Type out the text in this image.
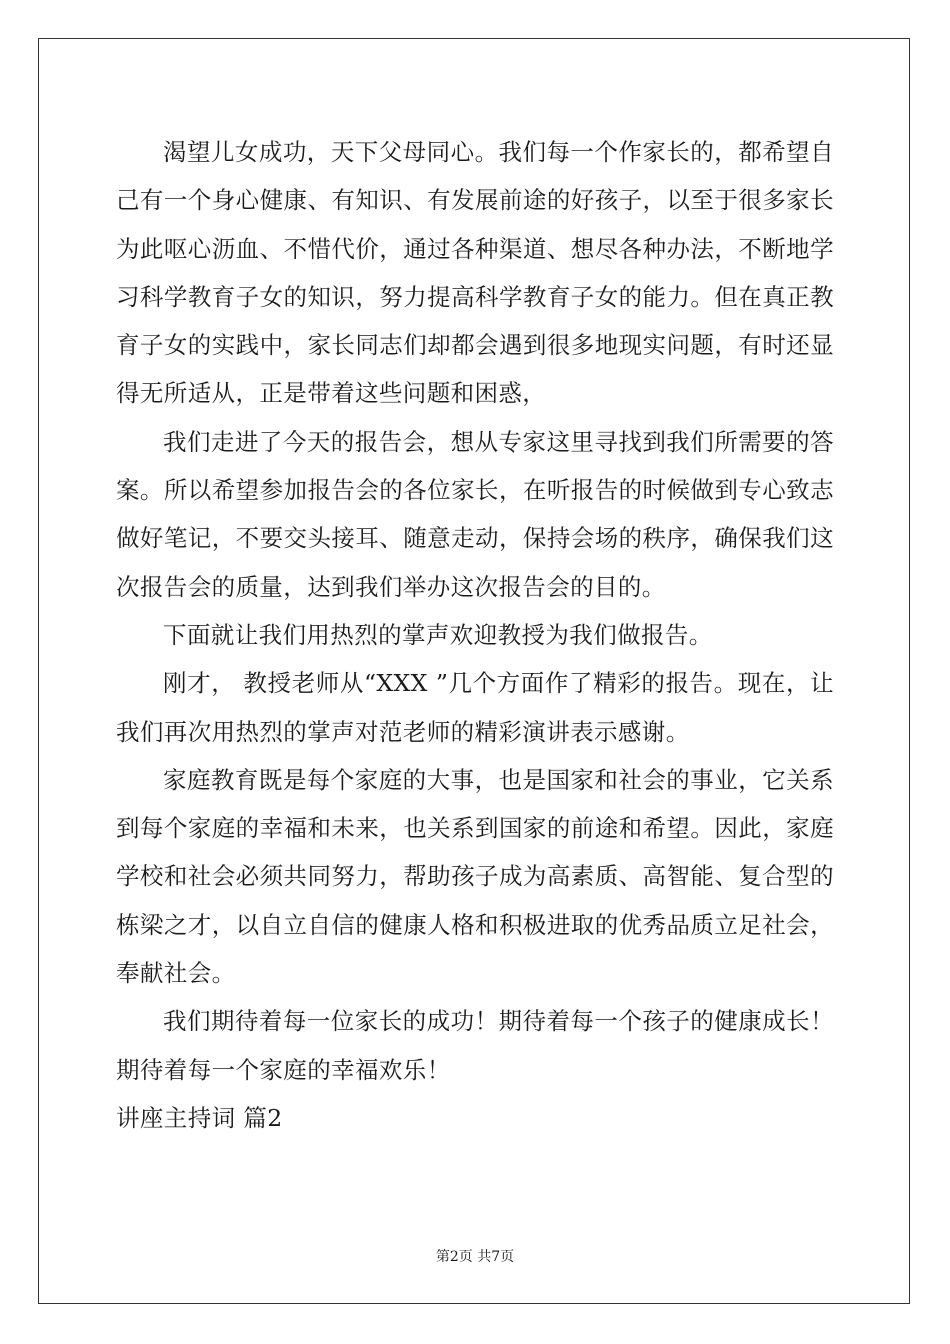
渴望儿女成功，天下父母同心。我们每一个作家长的，都希望自己有一个身心健康、有知识、有发展前途的好孩子，以至于很多家长为此呕心沥血、不惜代价，通过各种渠道、想尽各种办法，不断地学习科学教育子女的知识，努力提高科学教育子女的能力。但在真正教育子女的实践中，家长同志们却都会遇到很多地现实问题，有时还显得无所适从，正是带着这些问题和困惑，

我们走进了今天的报告会，想从专家这里寻找到我们所需要的答案。所以希望参加报告会的各位家长，在听报告的时候做到专心致志做好笔记，不要交头接耳、随意走动，保持会场的秩序，确保我们这次报告会的质量，达到我们举办这次报告会的目的。

下面就让我们用热烈的掌声欢迎教授为我们做报告。

刚才， 教授老师从“XXX ”几个方面作了精彩的报告。现在，让我们再次用热烈的掌声对范老师的精彩演讲表示感谢。

家庭教育既是每个家庭的大事，也是国家和社会的事业，它关系到每个家庭的幸福和未来，也关系到国家的前途和希望。因此，家庭学校和社会必须共同努力，帮助孩子成为高素质、高智能、复合型的栋梁之才，以自立自信的健康人格和积极进取的优秀品质立足社会，奉献社会。

我们期待着每一位家长的成功！期待着每一个孩子的健康成长！期待着每一个家庭的幸福欢乐！

讲座主持词 篇2

第2页 共7页
